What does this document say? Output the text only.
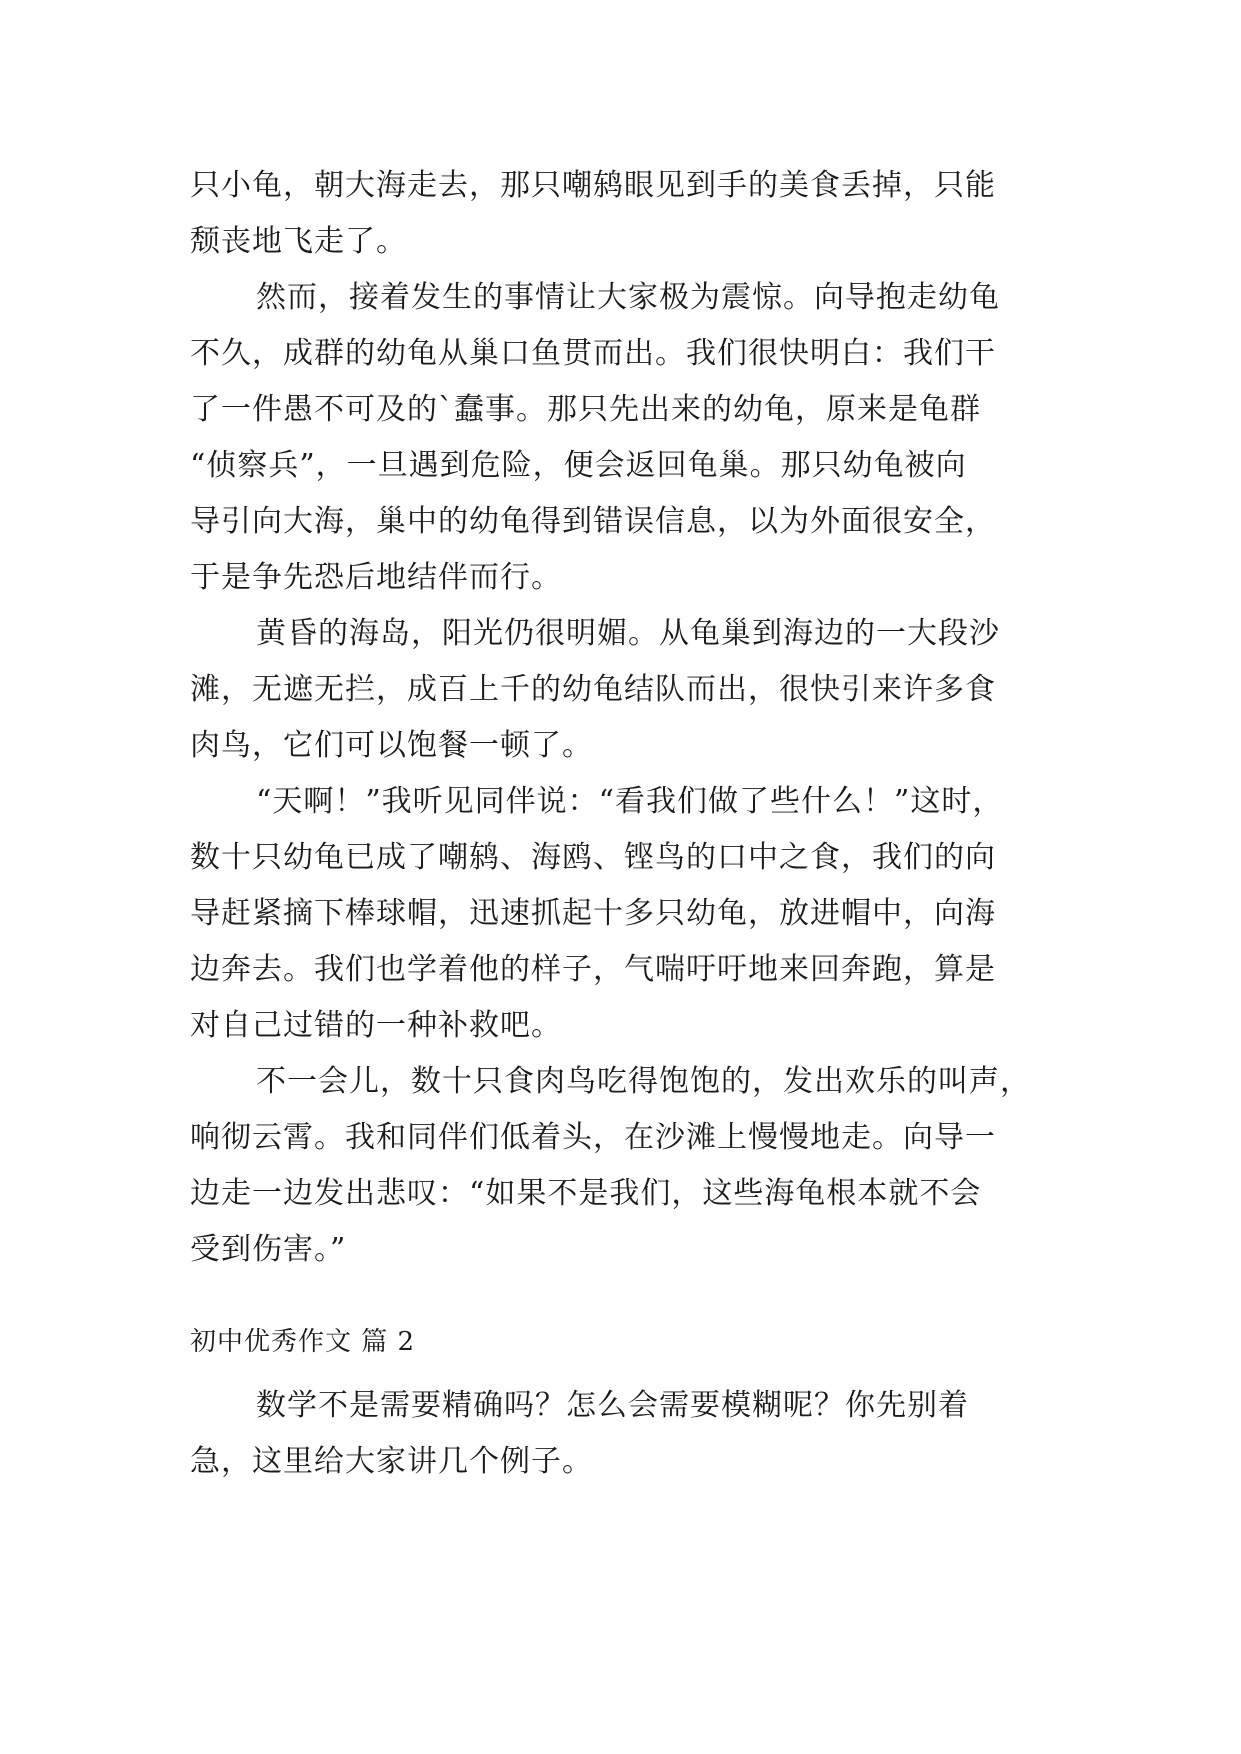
只小龟，朝大海走去，那只嘲鸫眼见到手的美食丢掉，只能
颓丧地飞走了。
然而，接着发生的事情让大家极为震惊。向导抱走幼龟
不久，成群的幼龟从巢口鱼贯而出。我们很快明白：我们干
了一件愚不可及的`蠢事。那只先出来的幼龟，原来是龟群
“侦察兵”，一旦遇到危险，便会返回龟巢。那只幼龟被向
导引向大海，巢中的幼龟得到错误信息，以为外面很安全，
于是争先恐后地结伴而行。
黄昏的海岛，阳光仍很明媚。从龟巢到海边的一大段沙
滩，无遮无拦，成百上千的幼龟结队而出，很快引来许多食
肉鸟，它们可以饱餐一顿了。
“天啊！”我听见同伴说：“看我们做了些什么！”这时，
数十只幼龟已成了嘲鸫、海鸥、铿鸟的口中之食，我们的向
导赶紧摘下棒球帽，迅速抓起十多只幼龟，放进帽中，向海
边奔去。我们也学着他的样子，气喘吁吁地来回奔跑，算是
对自己过错的一种补救吧。
不一会儿，数十只食肉鸟吃得饱饱的，发出欢乐的叫声，
响彻云霄。我和同伴们低着头，在沙滩上慢慢地走。向导一
边走一边发出悲叹：“如果不是我们，这些海龟根本就不会
受到伤害。”
初中优秀作文 篇 2
数学不是需要精确吗？怎么会需要模糊呢？你先别着
急，这里给大家讲几个例子。
